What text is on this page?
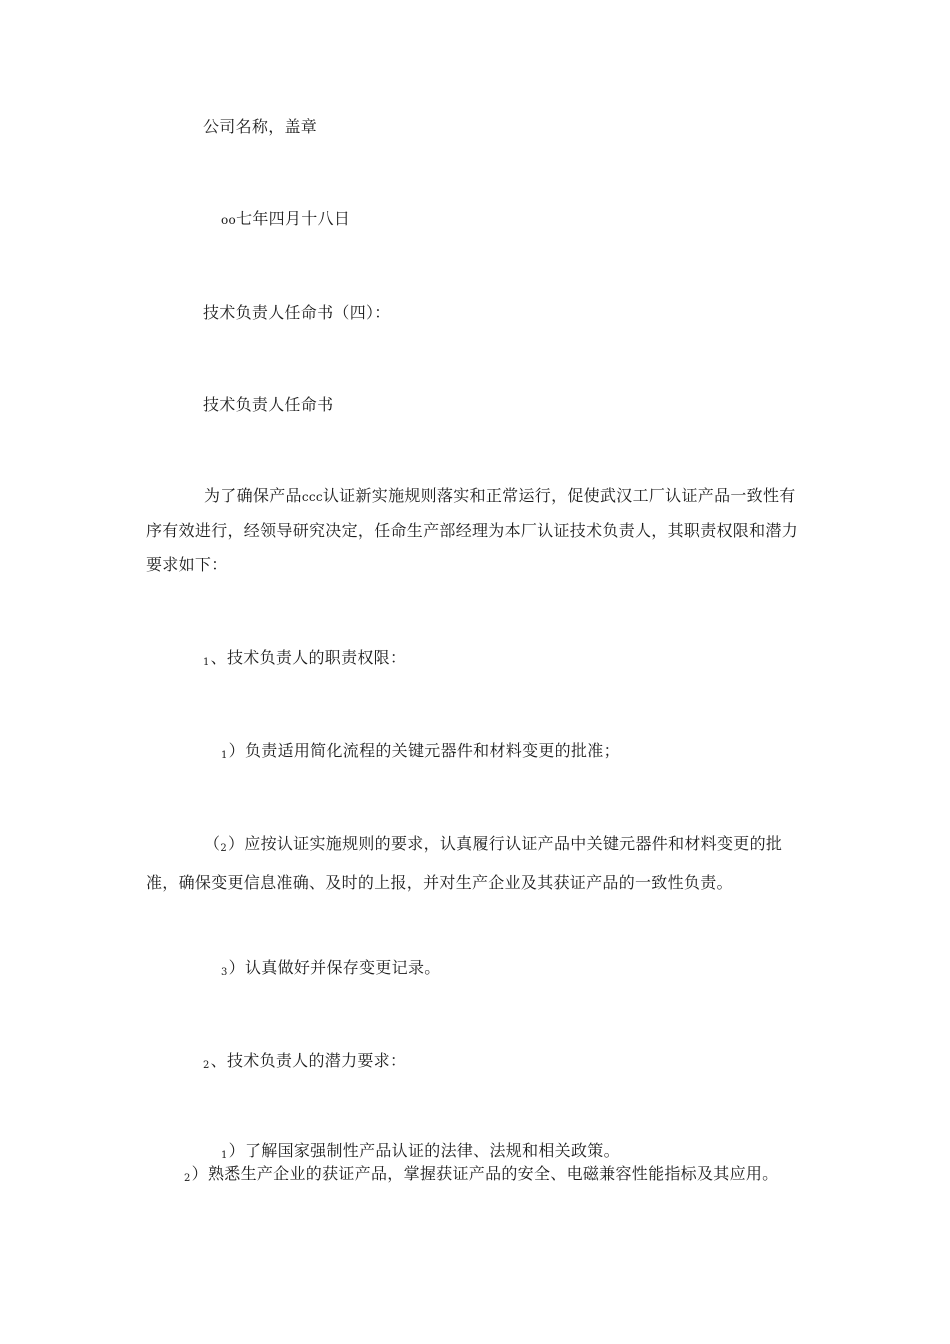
公司名称，盖章
oo七年四月十八日
技术负责人任命书（四）：
技术负责人任命书
为了确保产品ccc认证新实施规则落实和正常运行，促使武汉工厂认证产品一致性有序有效进行，经领导研究决定，任命生产部经理为本厂认证技术负责人，其职责权限和潜力要求如下：
1、技术负责人的职责权限：
1）负责适用简化流程的关键元器件和材料变更的批准；
（2）应按认证实施规则的要求，认真履行认证产品中关键元器件和材料变更的批准，确保变更信息准确、及时的上报，并对生产企业及其获证产品的一致性负责。
3）认真做好并保存变更记录。
2、技术负责人的潜力要求：
1）了解国家强制性产品认证的法律、法规和相关政策。
2）熟悉生产企业的获证产品，掌握获证产品的安全、电磁兼容性能指标及其应用。
